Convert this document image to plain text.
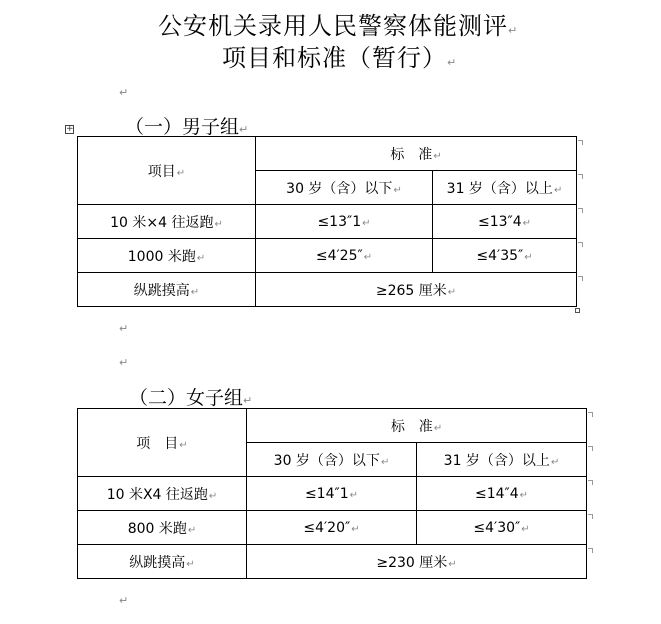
公安机关录用人民警察体能测评↵
项目和标准（暂行）↵
↵
（一）男子组↵
+
项目↵	标　准↵	
	30 岁（含）以下↵	31 岁（含）以上↵
10 米×4 往返跑↵	≤13″1↵	≤13″4↵
1000 米跑↵	≤4′25″↵	≤4′35″↵
纵跳摸高↵	≥265 厘米↵	
↵
↵
（二）女子组↵
项　目↵	标　准↵	
	30 岁（含）以下↵	31 岁（含）以上↵
10 米X4 往返跑↵	≤14″1↵	≤14″4↵
800 米跑↵	≤4′20″↵	≤4′30″↵
纵跳摸高↵	≥230 厘米↵	
↵
